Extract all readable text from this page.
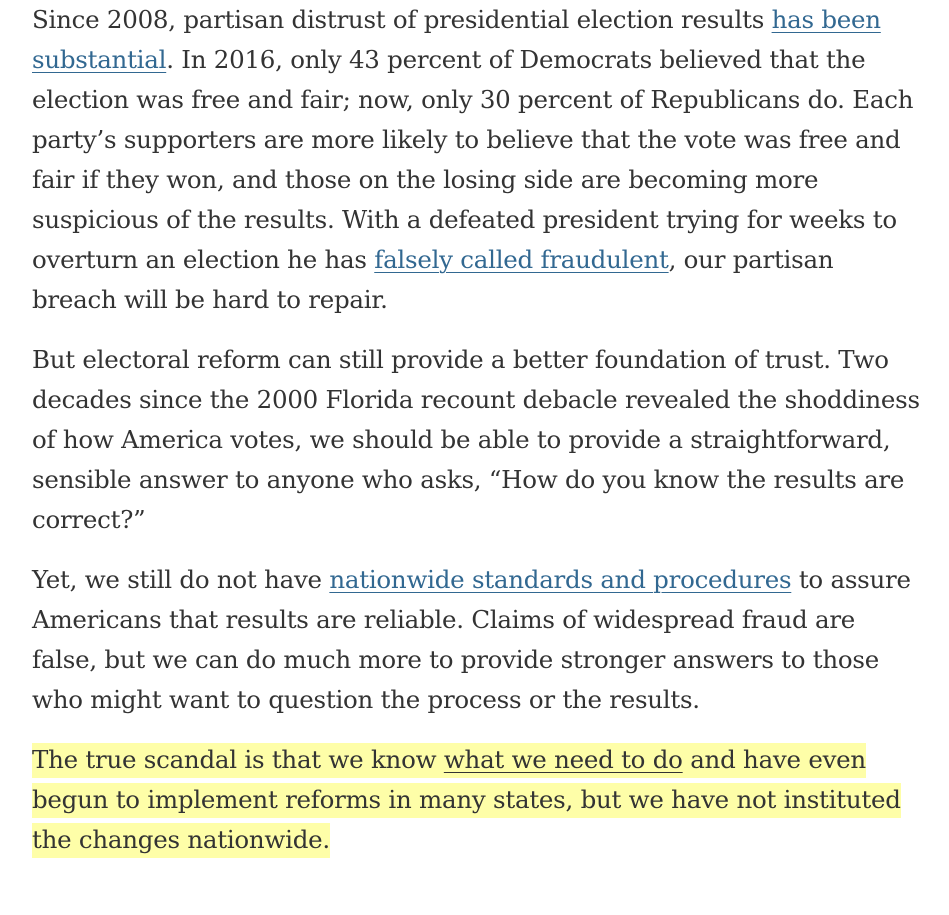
Since 2008, partisan distrust of presidential election results has been substantial. In 2016, only 43 percent of Democrats believed that the election was free and fair; now, only 30 percent of Republicans do. Each party’s supporters are more likely to believe that the vote was free and fair if they won, and those on the losing side are becoming more suspicious of the results. With a defeated president trying for weeks to overturn an election he has falsely called fraudulent, our partisan breach will be hard to repair.

But electoral reform can still provide a better foundation of trust. Two decades since the 2000 Florida recount debacle revealed the shoddiness of how America votes, we should be able to provide a straightforward, sensible answer to anyone who asks, “How do you know the results are correct?”

Yet, we still do not have nationwide standards and procedures to assure Americans that results are reliable. Claims of widespread fraud are false, but we can do much more to provide stronger answers to those who might want to question the process or the results.

The true scandal is that we know what we need to do and have even begun to implement reforms in many states, but we have not instituted the changes nationwide.
